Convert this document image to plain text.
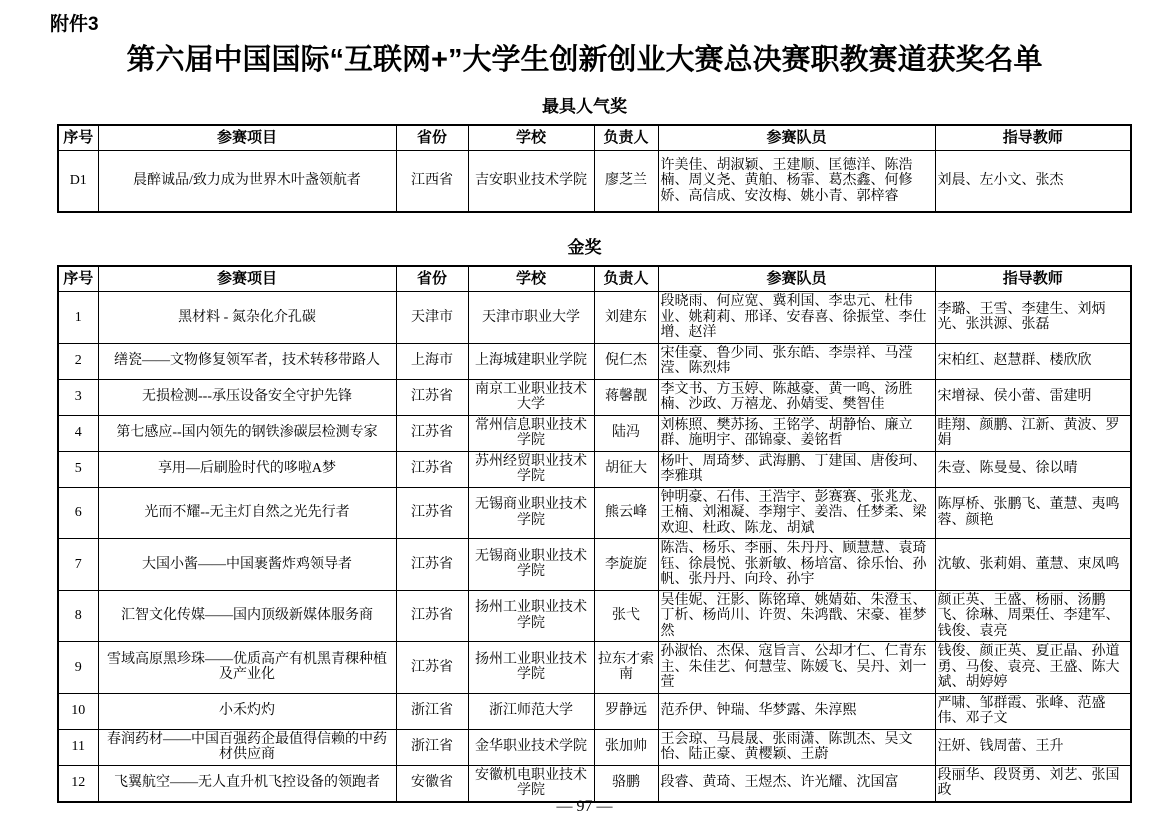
附件3
第六届中国国际“互联网+”大学生创新创业大赛总决赛职教赛道获奖名单
最具人气奖
序号	参赛项目	省份	学校	负责人	参赛队员	指导教师
D1	晨醉诚品/致力成为世界木叶盏领航者	江西省	吉安职业技术学院	廖芝兰	许美佳、胡淑颖、王建顺、匡德洋、陈浩楠、周义尧、黄舶、杨霏、葛杰鑫、何修娇、高信成、安汝梅、姚小青、郭梓睿	刘晨、左小文、张杰
金奖
序号	参赛项目	省份	学校	负责人	参赛队员	指导教师
1	黑材料 - 氮杂化介孔碳	天津市	天津市职业大学	刘建东	段晓雨、何应宽、冀利国、李忠元、杜伟业、姚莉莉、邢译、安春喜、徐振堂、李仕增、赵洋	李璐、王雪、李建生、刘炳光、张洪源、张磊
2	缮瓷——文物修复领军者，技术转移带路人	上海市	上海城建职业学院	倪仁杰	宋佳豪、鲁少同、张东皓、李崇祥、马滢滢、陈烈炜	宋柏红、赵慧群、楼欣欣
3	无损检测---承压设备安全守护先锋	江苏省	南京工业职业技术大学	蒋馨靓	李文书、方玉婷、陈越豪、黄一鸣、汤胜楠、沙政、万禧龙、孙婧雯、樊智佳	宋增禄、侯小蕾、雷建明
4	第七感应--国内领先的钢铁渗碳层检测专家	江苏省	常州信息职业技术学院	陆冯	刘栋照、樊苏扬、王铭学、胡静怡、廉立群、施明宇、邵锦豪、姜铭哲	眭翔、颜鹏、江新、黄波、罗娟
5	享用—后刷脸时代的哆啦A梦	江苏省	苏州经贸职业技术学院	胡征大	杨叶、周琦梦、武海鹏、丁建国、唐俊珂、李雅琪	朱壹、陈曼曼、徐以晴
6	光而不耀--无主灯自然之光先行者	江苏省	无锡商业职业技术学院	熊云峰	钟明豪、石伟、王浩宇、彭赛赛、张兆龙、王楠、刘湘凝、李翔宇、姜浩、任梦柔、梁欢迎、杜政、陈龙、胡斌	陈厚桥、张鹏飞、董慧、夷鸣蓉、颜艳
7	大国小酱——中国裹酱炸鸡领导者	江苏省	无锡商业职业技术学院	李旋旋	陈浩、杨乐、李丽、朱丹丹、顾慧慧、袁琦钰、徐晨悦、张新敏、杨培富、徐乐怡、孙帆、张丹丹、向玲、孙宇	沈敏、张莉娟、董慧、束凤鸣
8	汇智文化传媒——国内顶级新媒体服务商	江苏省	扬州工业职业技术学院	张弋	吴佳妮、汪影、陈铭璋、姚婧茹、朱澄玉、丁析、杨尚川、许贺、朱鸿戬、宋豪、崔梦然	颜正英、王盛、杨丽、汤鹏飞、徐琳、周栗任、李建军、钱俊、袁亮
9	雪域高原黑珍珠——优质高产有机黑青稞种植及产业化	江苏省	扬州工业职业技术学院	拉东才索南	孙淑怡、杰保、寇旨言、公却才仁、仁青东主、朱佳艺、何慧莹、陈媛飞、吴丹、刘一萱	钱俊、颜正英、夏正晶、孙道勇、马俊、袁亮、王盛、陈大斌、胡婷婷
10	小禾灼灼	浙江省	浙江师范大学	罗静远	范乔伊、钟瑞、华梦露、朱淳熙	严啸、邹群霞、张峰、范盛伟、邓子文
11	春润药材——中国百强药企最值得信赖的中药材供应商	浙江省	金华职业技术学院	张加帅	王会琼、马晨晟、张雨潇、陈凯杰、吴文怡、陆正豪、黄樱颖、王蔚	汪妍、钱周蕾、王升
12	飞翼航空——无人直升机飞控设备的领跑者	安徽省	安徽机电职业技术学院	骆鹏	段睿、黄琦、王煜杰、许光耀、沈国富	段丽华、段贤勇、刘艺、张国政
— 97 —
